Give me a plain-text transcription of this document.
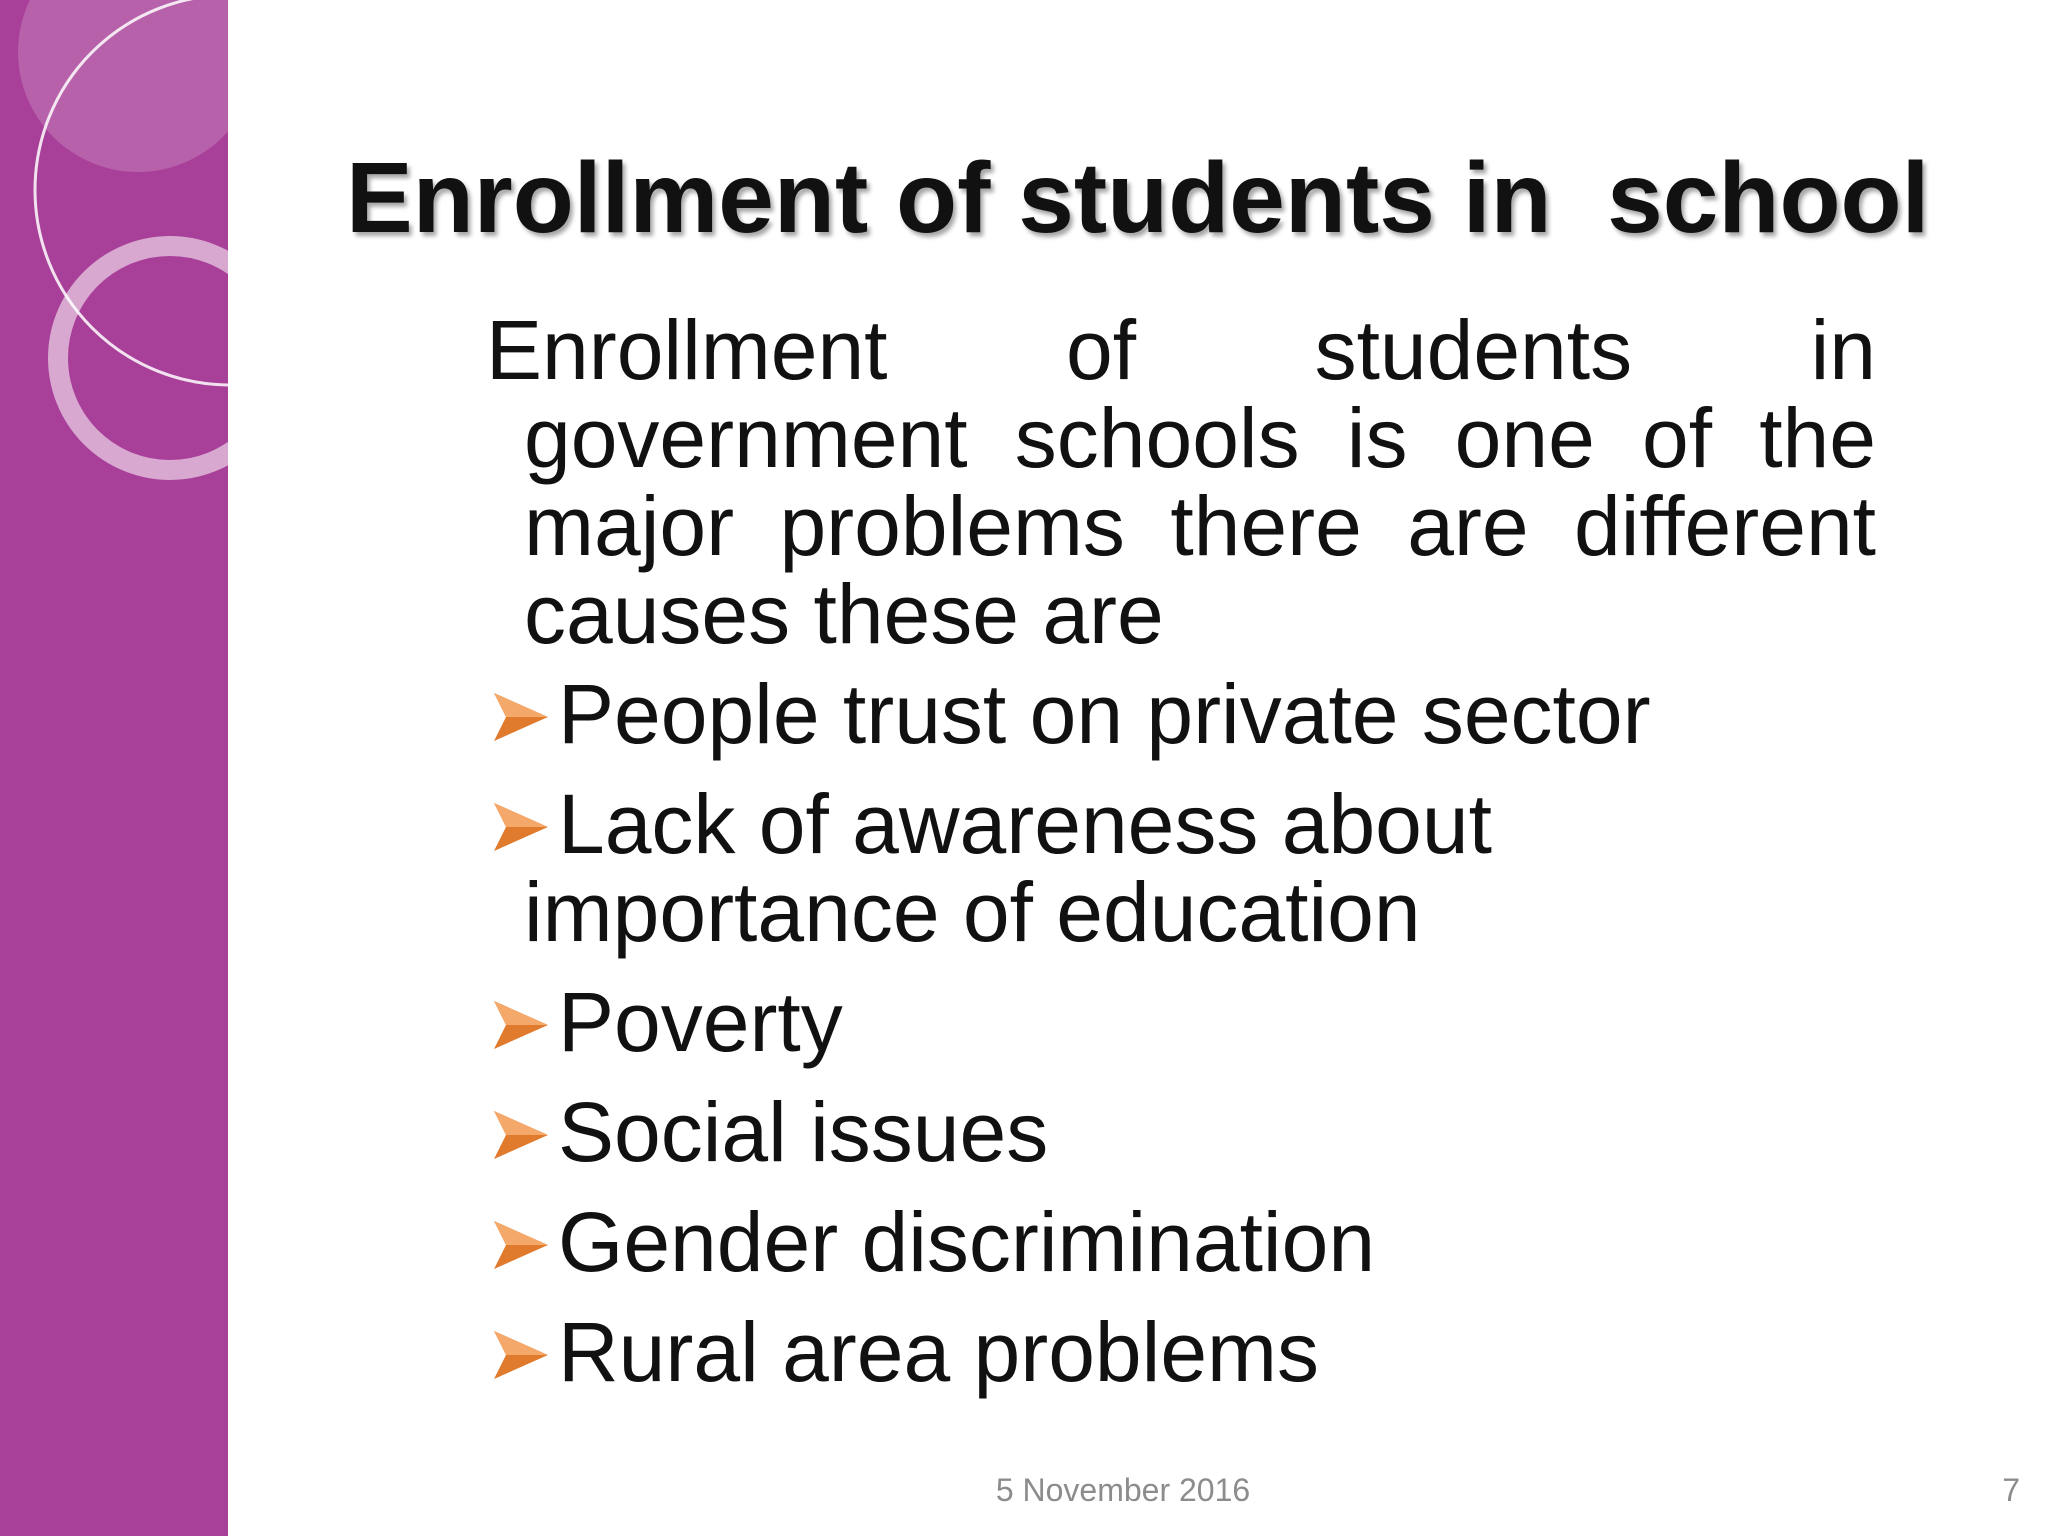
Enrollment of students in  school

Enrollment of students in government schools is one of the major problems there are different causes these are

People trust on private sector
Lack of awareness about
importance of education
Poverty
Social issues
Gender discrimination
Rural area problems
5 November 2016	7
